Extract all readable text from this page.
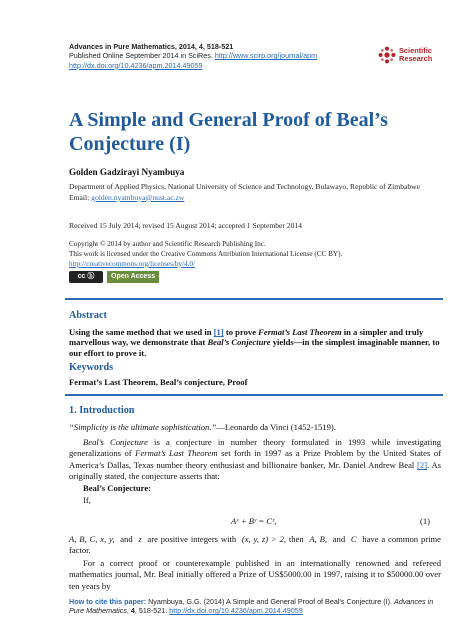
Advances in Pure Mathematics, 2014, 4, 518-521
Published Online September 2014 in SciRes. http://www.scirp.org/journal/apm
http://dx.doi.org/10.4236/apm.2014.49059
Scientific
Research
A Simple and General Proof of Beal’s Conjecture (I)
Golden Gadzirayi Nyambuya
Department of Applied Physics, National University of Science and Technology, Bulawayo, Republic of Zimbabwe
Email: golden.nyambuya@nust.ac.zw
Received 15 July 2014; revised 15 August 2014; accepted 1 September 2014
Copyright © 2014 by author and Scientific Research Publishing Inc.
This work is licensed under the Creative Commons Attribution International License (CC BY).
http://creativecommons.org/licenses/by/4.0/
cc ⓑ Open Access
Abstract
Using the same method that we used in [1] to prove Fermat’s Last Theorem in a simpler and truly marvellous way, we demonstrate that Beal’s Conjecture yields—in the simplest imaginable manner, to our effort to prove it.
Keywords
Fermat’s Last Theorem, Beal’s conjecture, Proof
1. Introduction
“Simplicity is the ultimate sophistication.”—Leonardo da Vinci (1452-1519).
Beal’s Conjecture is a conjecture in number theory formulated in 1993 while investigating generalizations of Fermat’s Last Theorem set forth in 1997 as a Prize Problem by the United States of America’s Dallas, Texas number theory enthusiast and billionaire banker, Mr. Daniel Andrew Beal [2]. As originally stated, the conjecture asserts that:
Beal’s Conjecture:
If,
Aˣ + Bʸ = Cᶻ,	(1)
A, B, C, x, y, and z are positive integers with (x, y, z) > 2, then A, B, and C have a common prime factor.
For a correct proof or counterexample published in an internationally renowned and refereed mathematics journal, Mr. Beal initially offered a Prize of US$5000.00 in 1997, raising it to $50000.00 over ten years by
How to cite this paper: Nyambuya, G.G. (2014) A Simple and General Proof of Beal’s Conjecture (I). Advances in Pure Mathematics, 4, 518-521. http://dx.doi.org/10.4236/apm.2014.49059
